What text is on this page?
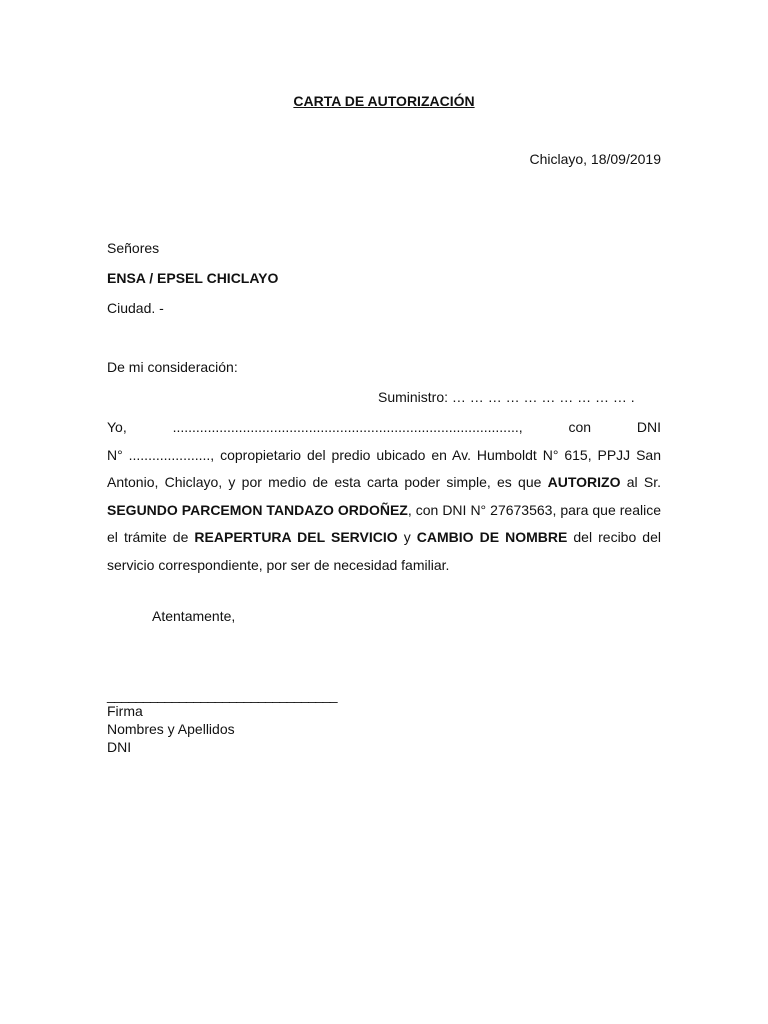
CARTA DE AUTORIZACIÓN
Chiclayo, 18/09/2019
Señores
ENSA / EPSEL CHICLAYO
Ciudad. -
De mi consideración:
Suministro: … … … … … … … … … … .
Yo,	.........................................................................................,	con	DNI
N° ....................., copropietario del predio ubicado en Av. Humboldt N° 615, PPJJ San Antonio, Chiclayo, y por medio de esta carta poder simple, es que AUTORIZO al Sr. SEGUNDO PARCEMON TANDAZO ORDOÑEZ, con DNI N° 27673563, para que realice el trámite de REAPERTURA DEL SERVICIO y CAMBIO DE NOMBRE del recibo del servicio correspondiente, por ser de necesidad familiar.
Atentamente,
________________________________
Firma
Nombres y Apellidos
DNI
